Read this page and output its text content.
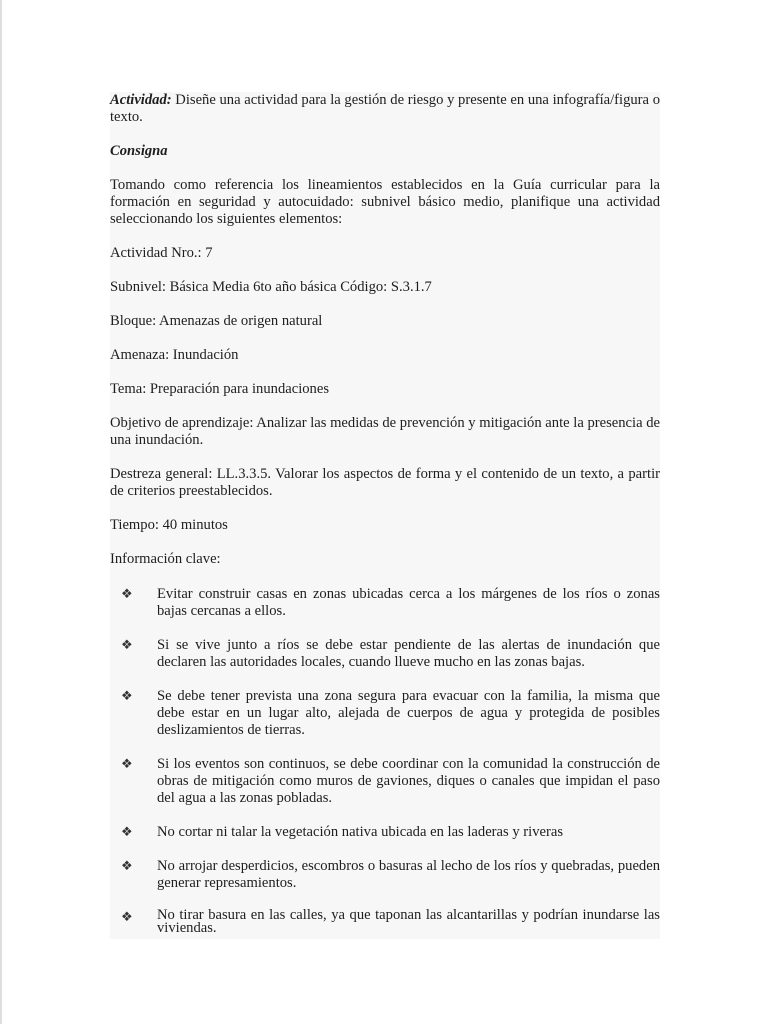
Actividad: Diseñe una actividad para la gestión de riesgo y presente en una infografía/figura o texto.

Consigna

Tomando como referencia los lineamientos establecidos en la Guía curricular para la formación en seguridad y autocuidado: subnivel básico medio, planifique una actividad seleccionando los siguientes elementos:

Actividad Nro.: 7

Subnivel: Básica Media 6to año básica Código: S.3.1.7

Bloque: Amenazas de origen natural

Amenaza: Inundación

Tema: Preparación para inundaciones

Objetivo de aprendizaje: Analizar las medidas de prevención y mitigación ante la presencia de una inundación.

Destreza general: LL.3.3.5. Valorar los aspectos de forma y el contenido de un texto, a partir de criterios preestablecidos.

Tiempo: 40 minutos

Información clave:

❖ Evitar construir casas en zonas ubicadas cerca a los márgenes de los ríos o zonas bajas cercanas a ellos.
❖ Si se vive junto a ríos se debe estar pendiente de las alertas de inundación que declaren las autoridades locales, cuando llueve mucho en las zonas bajas.
❖ Se debe tener prevista una zona segura para evacuar con la familia, la misma que debe estar en un lugar alto, alejada de cuerpos de agua y protegida de posibles deslizamientos de tierras.
❖ Si los eventos son continuos, se debe coordinar con la comunidad la construcción de obras de mitigación como muros de gaviones, diques o canales que impidan el paso del agua a las zonas pobladas.
❖ No cortar ni talar la vegetación nativa ubicada en las laderas y riveras
❖ No arrojar desperdicios, escombros o basuras al lecho de los ríos y quebradas, pueden generar represamientos.
❖ No tirar basura en las calles, ya que taponan las alcantarillas y podrían inundarse las viviendas.
